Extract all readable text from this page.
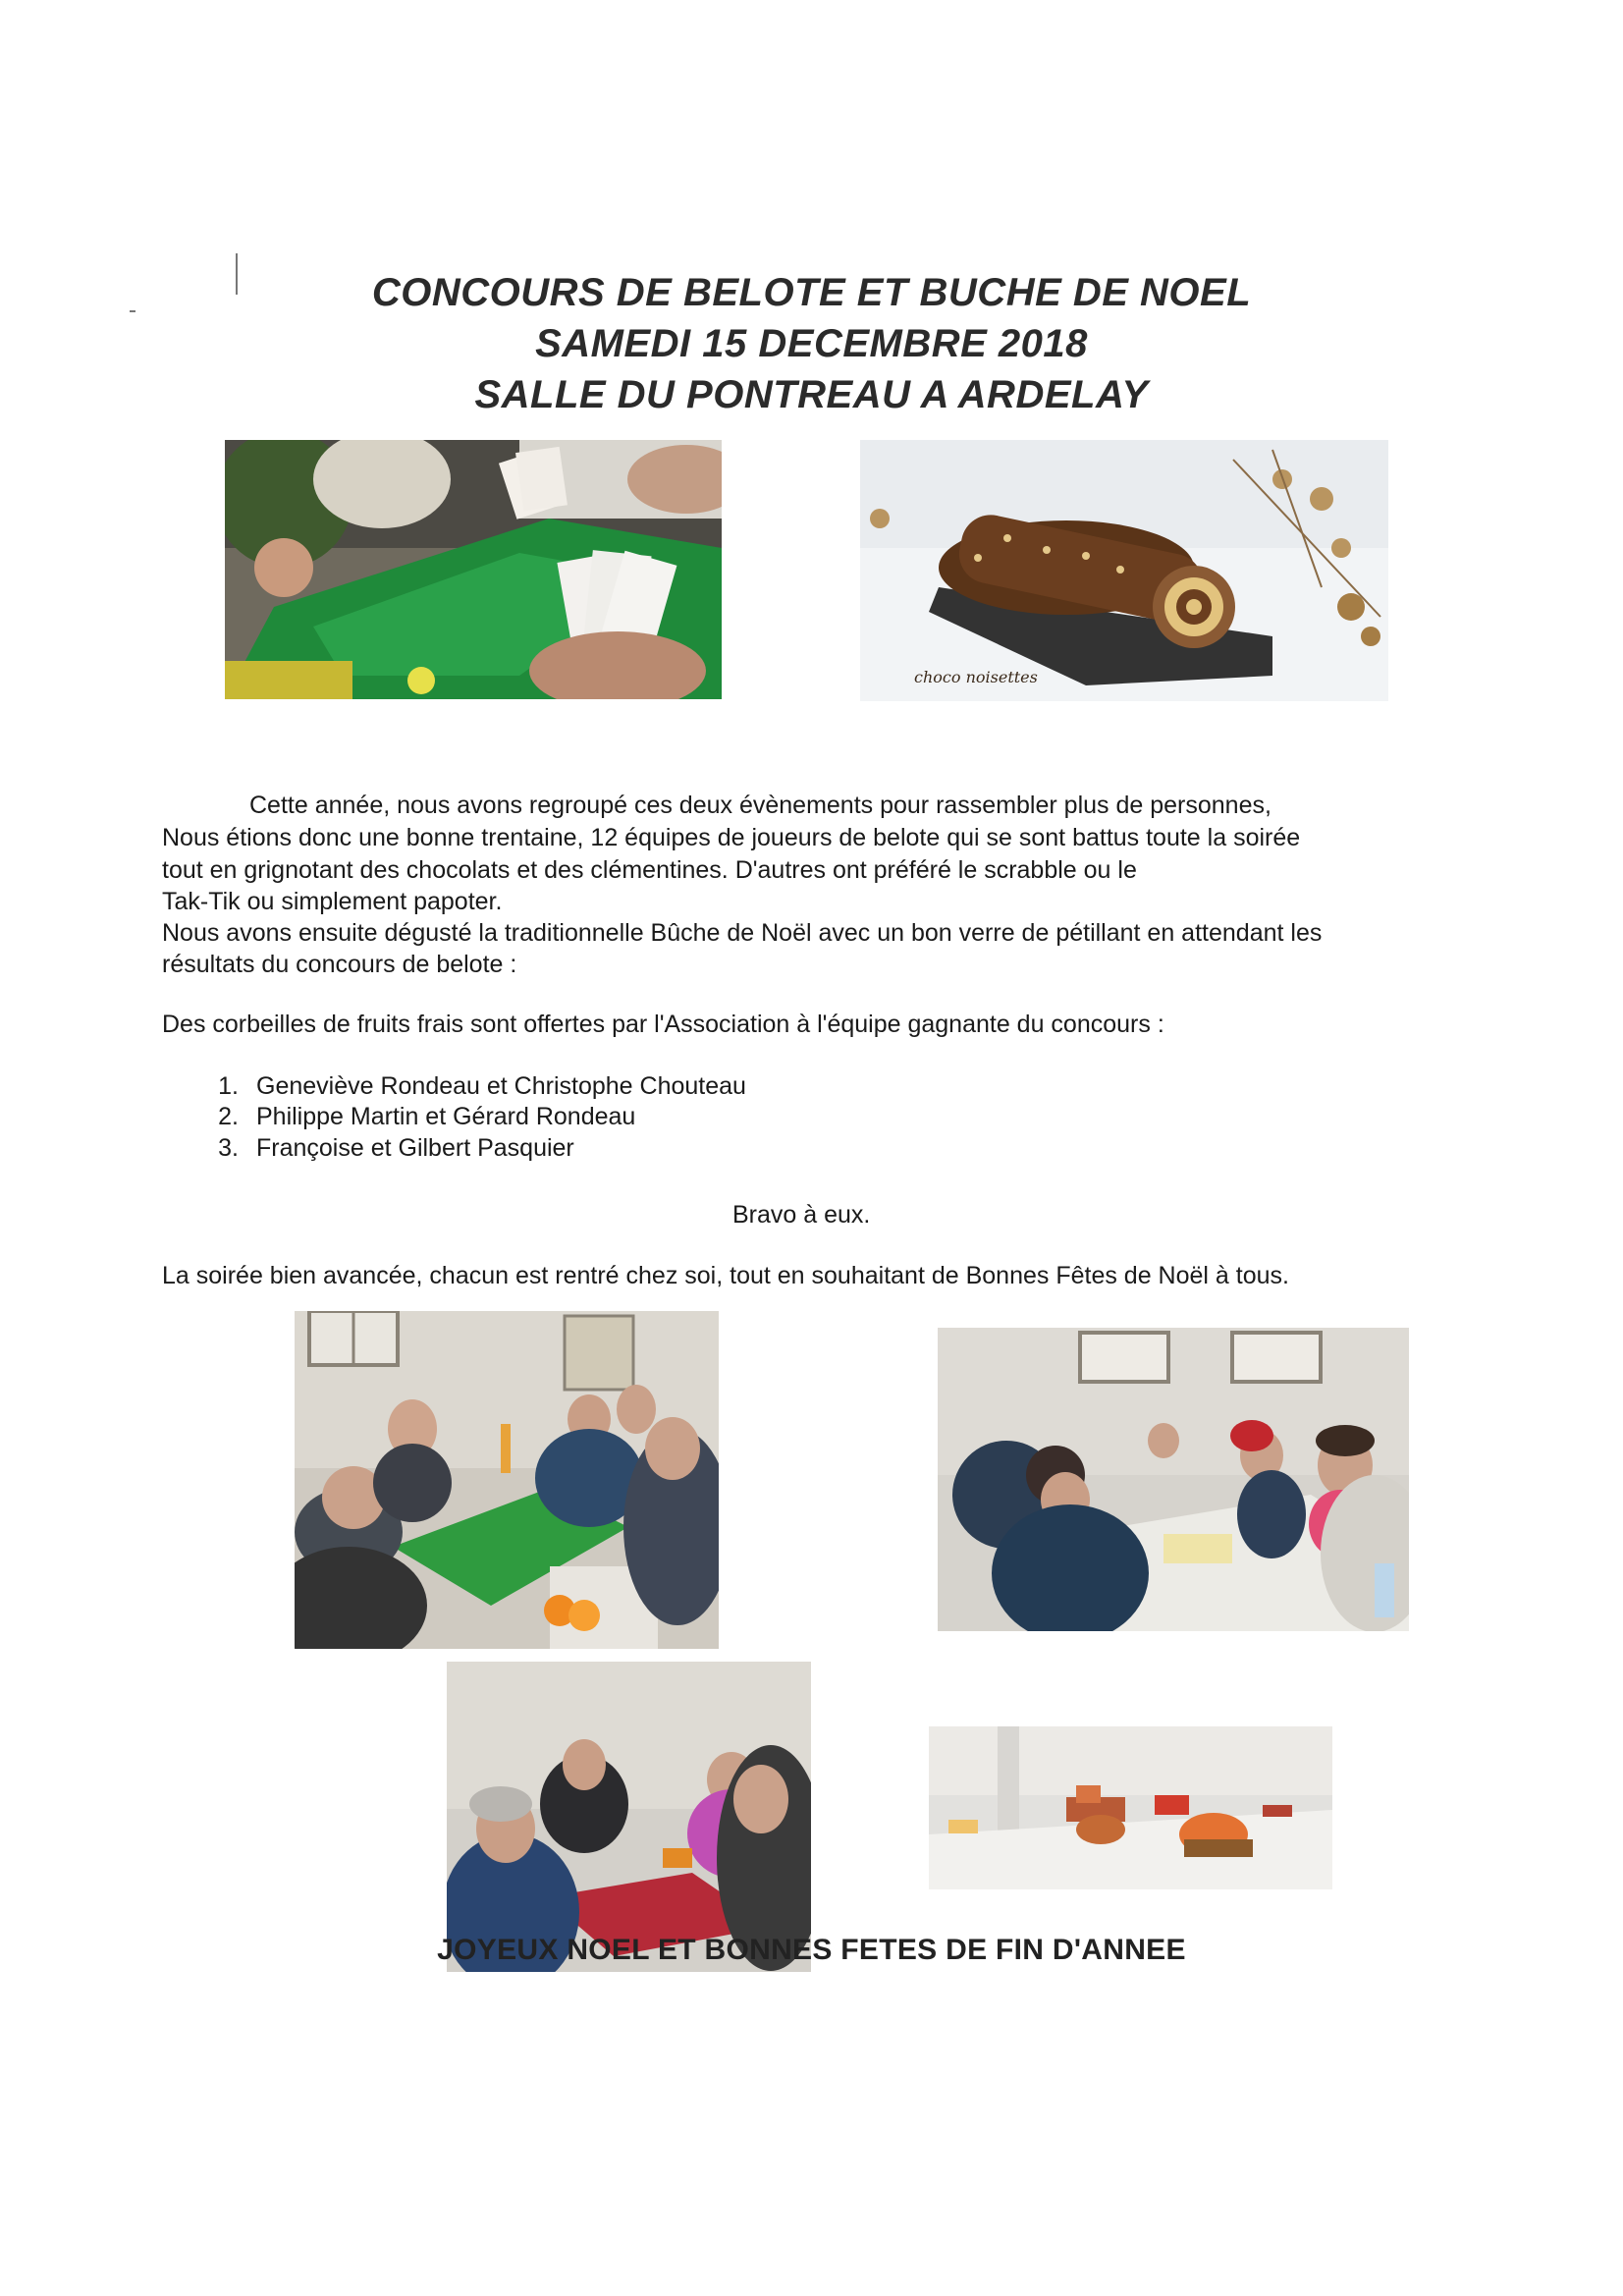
CONCOURS DE BELOTE ET BUCHE DE NOEL
SAMEDI 15 DECEMBRE 2018
SALLE DU PONTREAU A ARDELAY
choco noisettes
Cette année, nous avons regroupé ces deux évènements pour rassembler plus de personnes,
Nous étions donc une bonne trentaine, 12 équipes de joueurs de belote qui se sont battus toute la soirée
tout en grignotant des chocolats et des clémentines. D'autres ont préféré le scrabble ou le
Tak-Tik ou simplement papoter.
Nous avons ensuite dégusté la traditionnelle Bûche de Noël avec un bon verre de pétillant en attendant les
résultats du concours de belote :
Des corbeilles de fruits frais sont offertes par l'Association à l'équipe gagnante du concours :
1. Geneviève Rondeau et Christophe Chouteau
2. Philippe Martin et Gérard Rondeau
3. Françoise et Gilbert Pasquier
Bravo à eux.
La soirée bien avancée, chacun est rentré chez soi, tout en souhaitant de Bonnes Fêtes de Noël à tous.
JOYEUX NOEL ET BONNES FETES DE FIN D'ANNEE
